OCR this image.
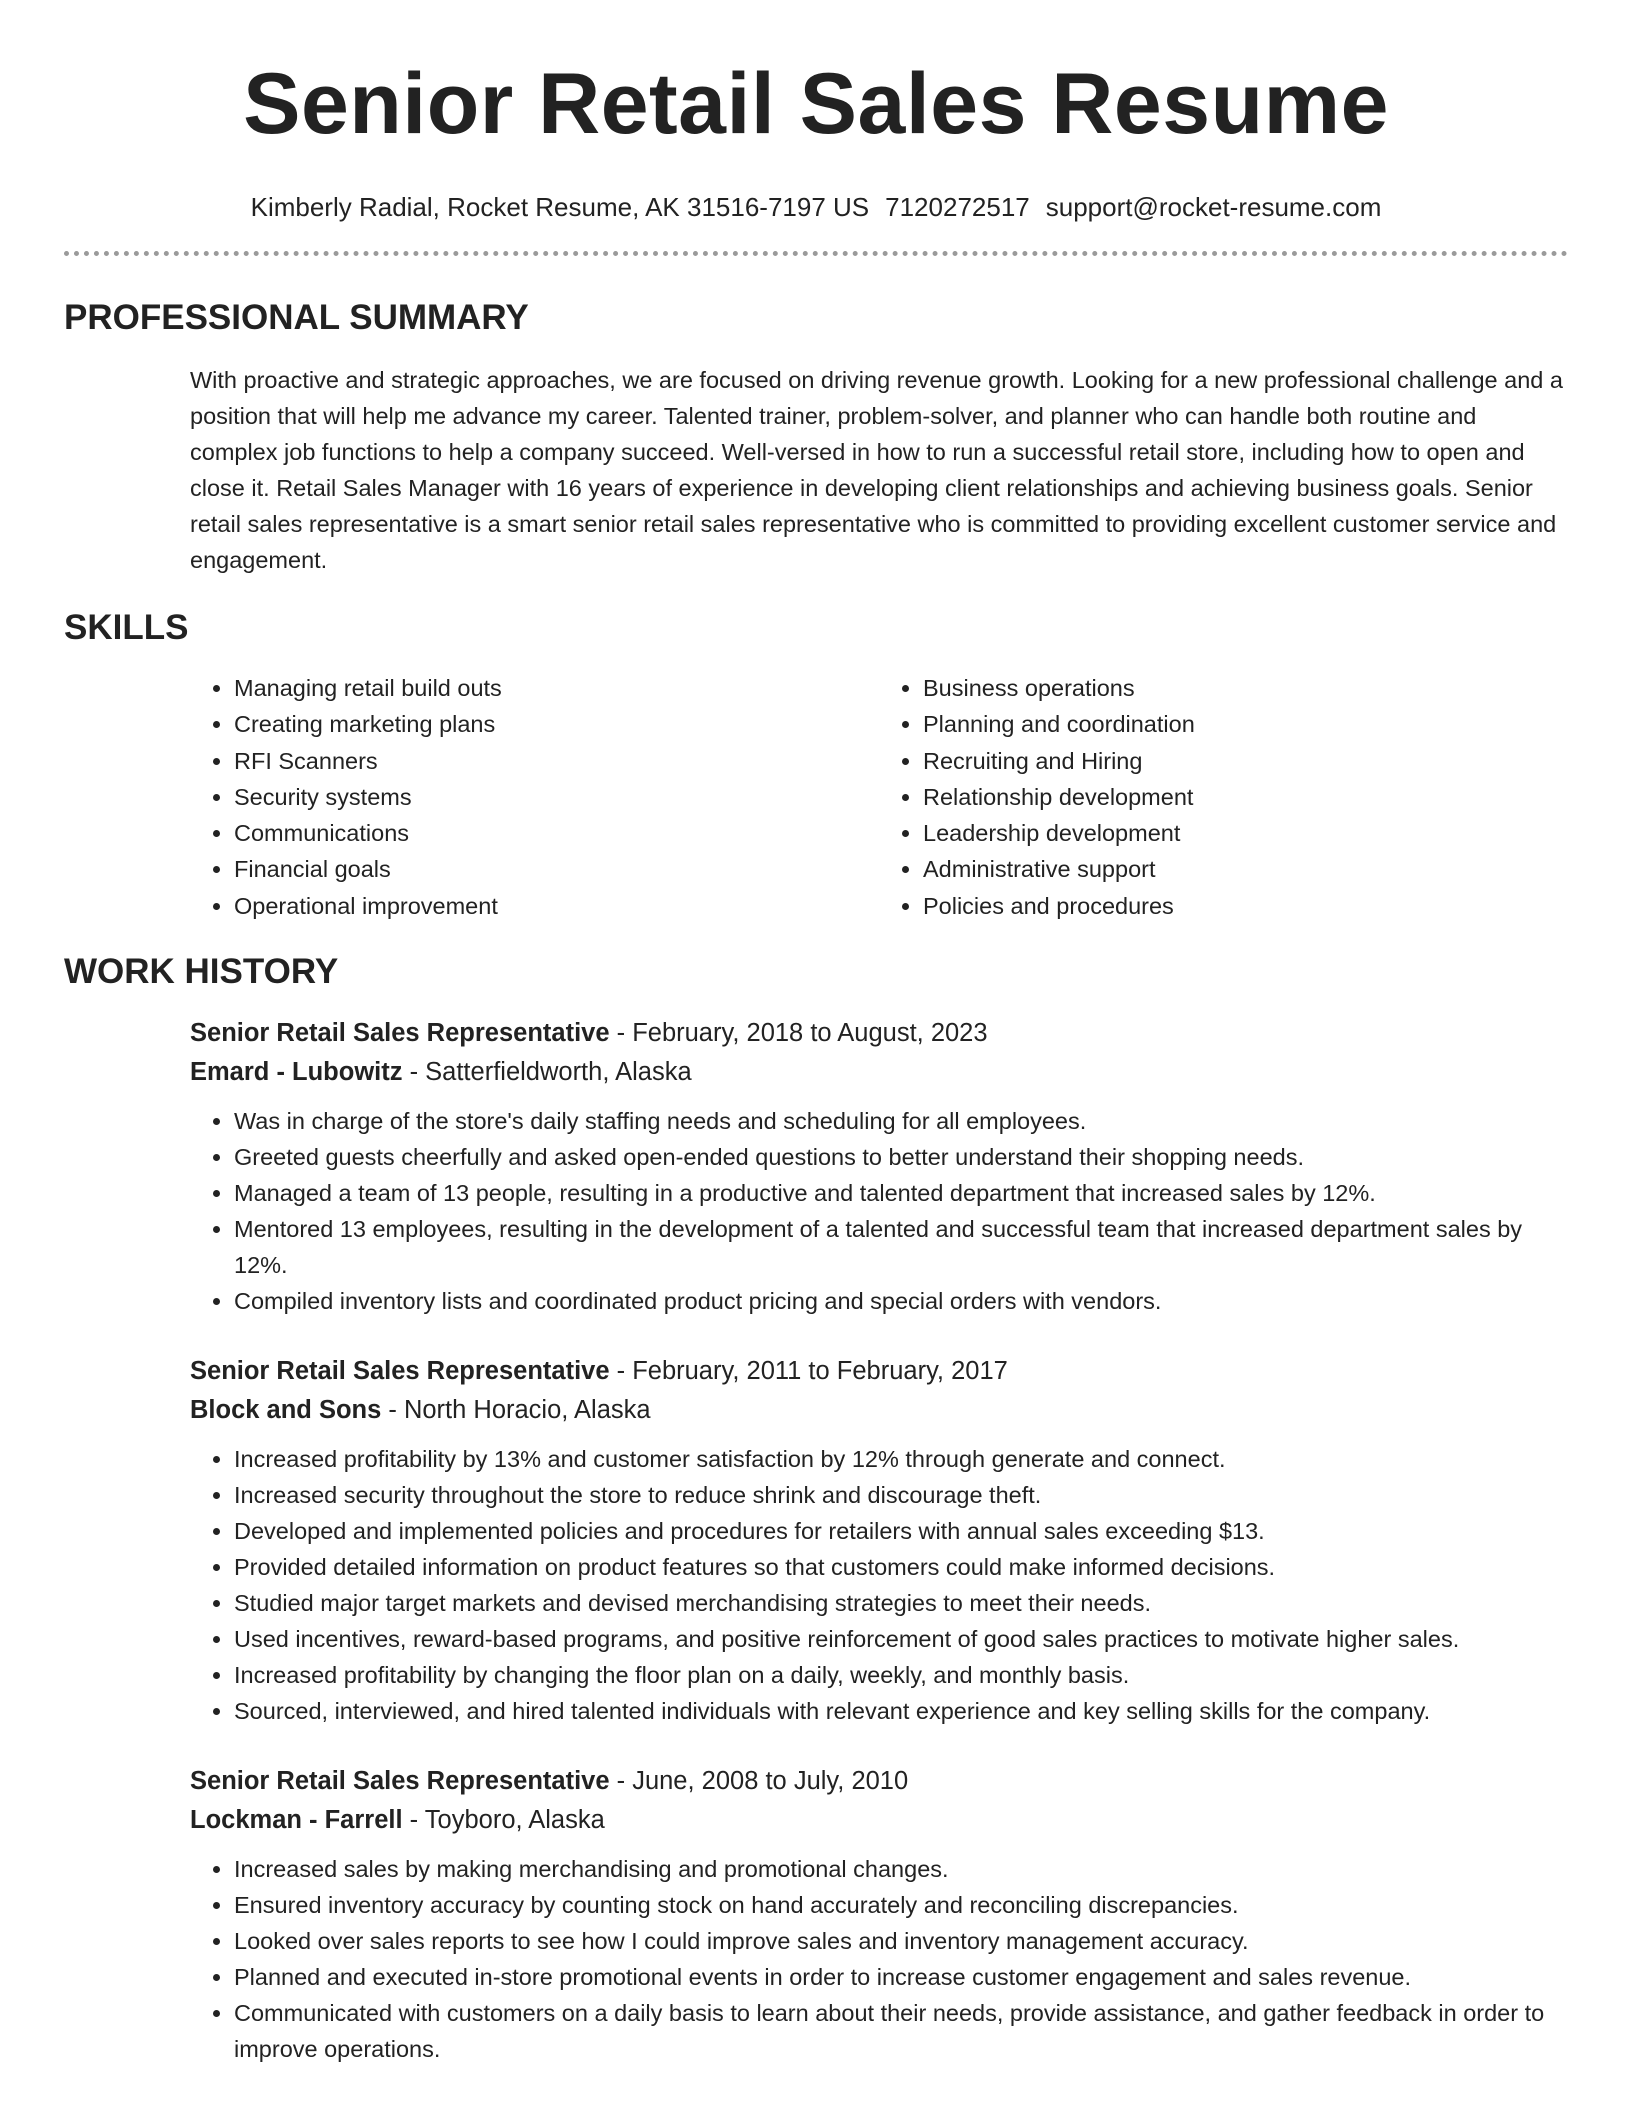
Senior Retail Sales Resume
Kimberly Radial, Rocket Resume, AK 31516-7197 US 7120272517 support@rocket-resume.com
PROFESSIONAL SUMMARY
With proactive and strategic approaches, we are focused on driving revenue growth. Looking for a new professional challenge and a position that will help me advance my career. Talented trainer, problem-solver, and planner who can handle both routine and complex job functions to help a company succeed. Well-versed in how to run a successful retail store, including how to open and close it. Retail Sales Manager with 16 years of experience in developing client relationships and achieving business goals. Senior retail sales representative is a smart senior retail sales representative who is committed to providing excellent customer service and engagement.
SKILLS
• Managing retail build outs
• Creating marketing plans
• RFI Scanners
• Security systems
• Communications
• Financial goals
• Operational improvement
• Business operations
• Planning and coordination
• Recruiting and Hiring
• Relationship development
• Leadership development
• Administrative support
• Policies and procedures
WORK HISTORY
Senior Retail Sales Representative - February, 2018 to August, 2023
Emard - Lubowitz - Satterfieldworth, Alaska
• Was in charge of the store's daily staffing needs and scheduling for all employees.
• Greeted guests cheerfully and asked open-ended questions to better understand their shopping needs.
• Managed a team of 13 people, resulting in a productive and talented department that increased sales by 12%.
• Mentored 13 employees, resulting in the development of a talented and successful team that increased department sales by 12%.
• Compiled inventory lists and coordinated product pricing and special orders with vendors.
Senior Retail Sales Representative - February, 2011 to February, 2017
Block and Sons - North Horacio, Alaska
• Increased profitability by 13% and customer satisfaction by 12% through generate and connect.
• Increased security throughout the store to reduce shrink and discourage theft.
• Developed and implemented policies and procedures for retailers with annual sales exceeding $13.
• Provided detailed information on product features so that customers could make informed decisions.
• Studied major target markets and devised merchandising strategies to meet their needs.
• Used incentives, reward-based programs, and positive reinforcement of good sales practices to motivate higher sales.
• Increased profitability by changing the floor plan on a daily, weekly, and monthly basis.
• Sourced, interviewed, and hired talented individuals with relevant experience and key selling skills for the company.
Senior Retail Sales Representative - June, 2008 to July, 2010
Lockman - Farrell - Toyboro, Alaska
• Increased sales by making merchandising and promotional changes.
• Ensured inventory accuracy by counting stock on hand accurately and reconciling discrepancies.
• Looked over sales reports to see how I could improve sales and inventory management accuracy.
• Planned and executed in-store promotional events in order to increase customer engagement and sales revenue.
• Communicated with customers on a daily basis to learn about their needs, provide assistance, and gather feedback in order to improve operations.
